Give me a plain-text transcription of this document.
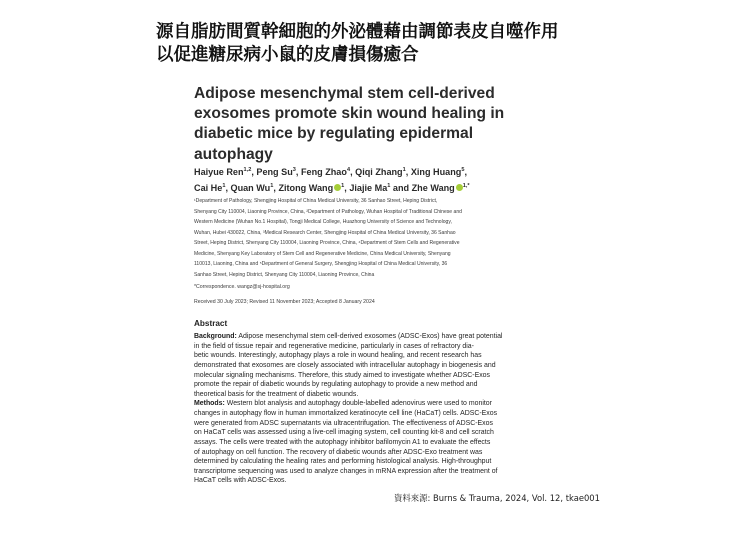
源自脂肪間質幹細胞的外泌體藉由調節表皮自噬作用
以促進糖尿病小鼠的皮膚損傷癒合
Adipose mesenchymal stem cell-derived
exosomes promote skin wound healing in
diabetic mice by regulating epidermal
autophagy
Haiyue Ren$^{1,2}$, Peng Su$^3$, Feng Zhao$^4$, Qiqi Zhang$^1$, Xing Huang$^5$,
Cai He$^1$, Quan Wu$^1$, Zitong Wang $^1$, Jiajie Ma$^1$ and Zhe Wang $^{1,*}$
¹Department of Pathology, Shengjing Hospital of China Medical University, 36 Sanhao Street, Heping District,
Shenyang City 110004, Liaoning Province, China, ²Department of Pathology, Wuhan Hospital of Traditional Chinese and
Western Medicine (Wuhan No.1 Hospital), Tongji Medical College, Huazhong University of Science and Technology,
Wuhan, Hubei 430022, China, ³Medical Research Center, Shengjing Hospital of China Medical University, 36 Sanhao
Street, Heping District, Shenyang City 110004, Liaoning Province, China, ⁴Department of Stem Cells and Regenerative
Medicine, Shenyang Key Laboratory of Stem Cell and Regenerative Medicine, China Medical University, Shenyang
110013, Liaoning, China and ⁵Department of General Surgery, Shengjing Hospital of China Medical University, 36
Sanhao Street, Heping District, Shenyang City 110004, Liaoning Province, China
*Correspondence. wangz@sj-hospital.org
Received 30 July 2023; Revised 11 November 2023; Accepted 8 January 2024
Abstract
Background: Adipose mesenchymal stem cell-derived exosomes (ADSC-Exos) have great potential
in the field of tissue repair and regenerative medicine, particularly in cases of refractory dia-
betic wounds. Interestingly, autophagy plays a role in wound healing, and recent research has
demonstrated that exosomes are closely associated with intracellular autophagy in biogenesis and
molecular signaling mechanisms. Therefore, this study aimed to investigate whether ADSC-Exos
promote the repair of diabetic wounds by regulating autophagy to provide a new method and
theoretical basis for the treatment of diabetic wounds.
Methods: Western blot analysis and autophagy double-labelled adenovirus were used to monitor
changes in autophagy flow in human immortalized keratinocyte cell line (HaCaT) cells. ADSC-Exos
were generated from ADSC supernatants via ultracentrifugation. The effectiveness of ADSC-Exos
on HaCaT cells was assessed using a live-cell imaging system, cell counting kit-8 and cell scratch
assays. The cells were treated with the autophagy inhibitor bafilomycin A1 to evaluate the effects
of autophagy on cell function. The recovery of diabetic wounds after ADSC-Exo treatment was
determined by calculating the healing rates and performing histological analysis. High-throughput
transcriptome sequencing was used to analyze changes in mRNA expression after the treatment of
HaCaT cells with ADSC-Exos.
資料來源: Burns & Trauma, 2024, Vol. 12, tkae001
